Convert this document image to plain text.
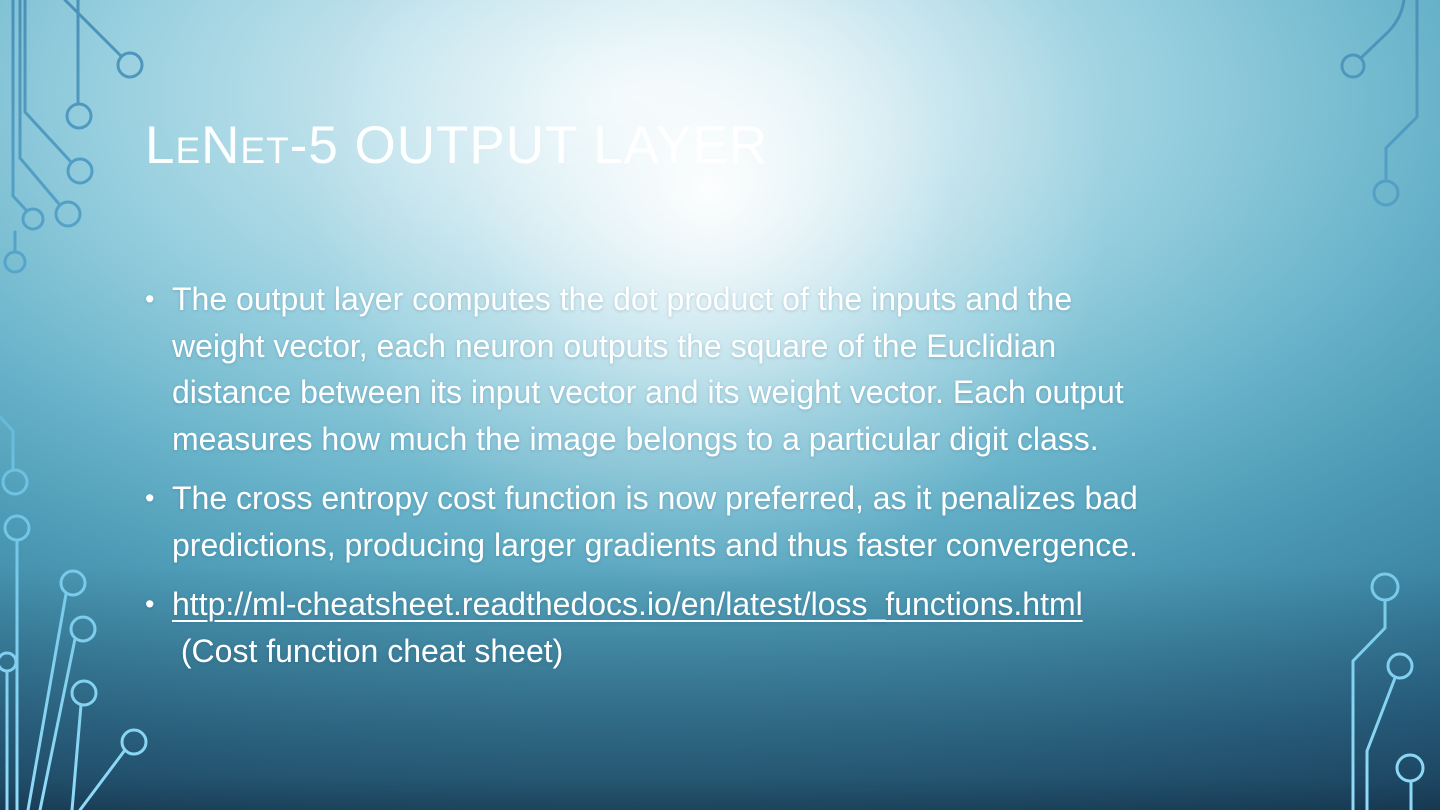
LeNet-5 OUTPUT LAYER
• The output layer computes the dot product of the inputs and the
weight vector, each neuron outputs the square of the Euclidian
distance between its input vector and its weight vector. Each output
measures how much the image belongs to a particular digit class.
• The cross entropy cost function is now preferred, as it penalizes bad
predictions, producing larger gradients and thus faster convergence.
• http://ml-cheatsheet.readthedocs.io/en/latest/loss_functions.html
(Cost function cheat sheet)
